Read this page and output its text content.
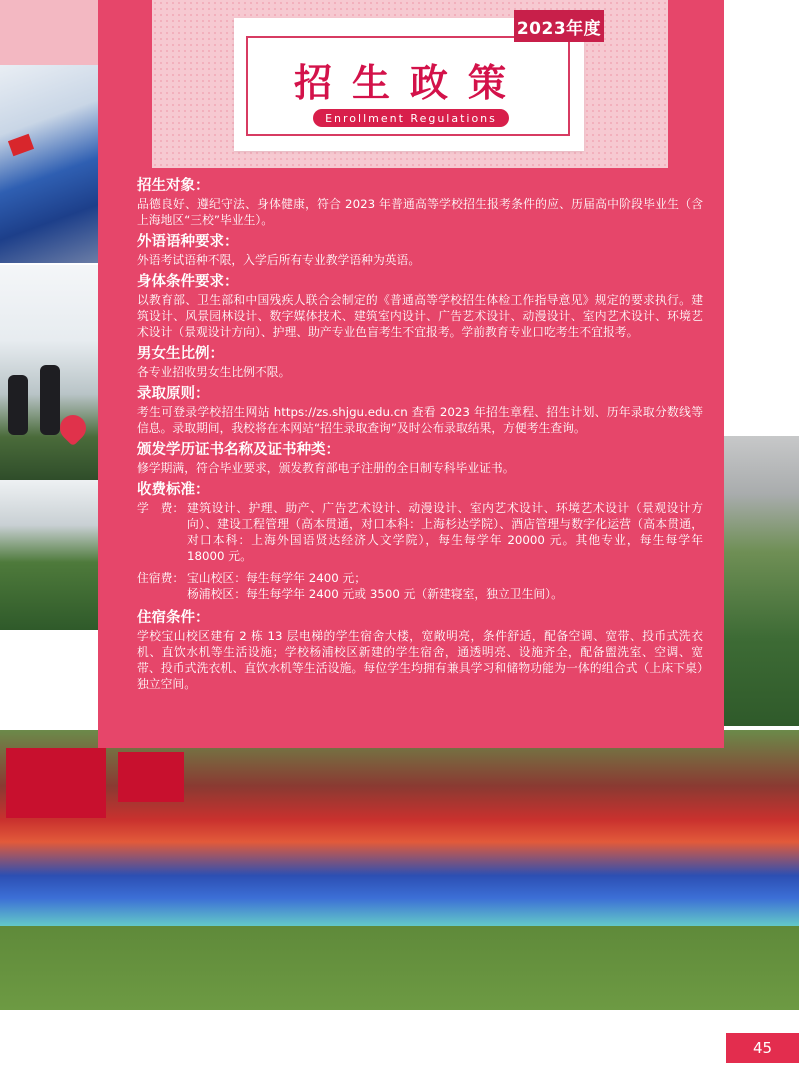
2023年度
招生政策
Enrollment Regulations

招生对象：

品德良好、遵纪守法、身体健康，符合 2023 年普通高等学校招生报考条件的应、历届高中阶段毕业生（含上海地区“三校”毕业生）。

外语语种要求：

外语考试语种不限，入学后所有专业教学语种为英语。

身体条件要求：

以教育部、卫生部和中国残疾人联合会制定的《普通高等学校招生体检工作指导意见》规定的要求执行。建筑设计、风景园林设计、数字媒体技术、建筑室内设计、广告艺术设计、动漫设计、室内艺术设计、环境艺术设计（景观设计方向）、护理、助产专业色盲考生不宜报考。学前教育专业口吃考生不宜报考。

男女生比例：

各专业招收男女生比例不限。

录取原则：

考生可登录学校招生网站 https://zs.shjgu.edu.cn 查看 2023 年招生章程、招生计划、历年录取分数线等信息。录取期间，我校将在本网站“招生录取查询”及时公布录取结果，方便考生查询。

颁发学历证书名称及证书种类：

修学期满，符合毕业要求，颁发教育部电子注册的全日制专科毕业证书。

收费标准：

学　费： 建筑设计、护理、助产、广告艺术设计、动漫设计、室内艺术设计、环境艺术设计（景观设计方向）、建设工程管理（高本贯通，对口本科：上海杉达学院）、酒店管理与数字化运营（高本贯通，对口本科：上海外国语贤达经济人文学院），每生每学年 20000 元。其他专业，每生每学年 18000 元。
住宿费： 宝山校区：每生每学年 2400 元；
杨浦校区：每生每学年 2400 元或 3500 元（新建寝室，独立卫生间）。

住宿条件：

学校宝山校区建有 2 栋 13 层电梯的学生宿舍大楼，宽敞明亮，条件舒适，配备空调、宽带、投币式洗衣机、直饮水机等生活设施；学校杨浦校区新建的学生宿舍，通透明亮、设施齐全，配备盥洗室、空调、宽带、投币式洗衣机、直饮水机等生活设施。每位学生均拥有兼具学习和储物功能为一体的组合式（上床下桌）独立空间。

45
